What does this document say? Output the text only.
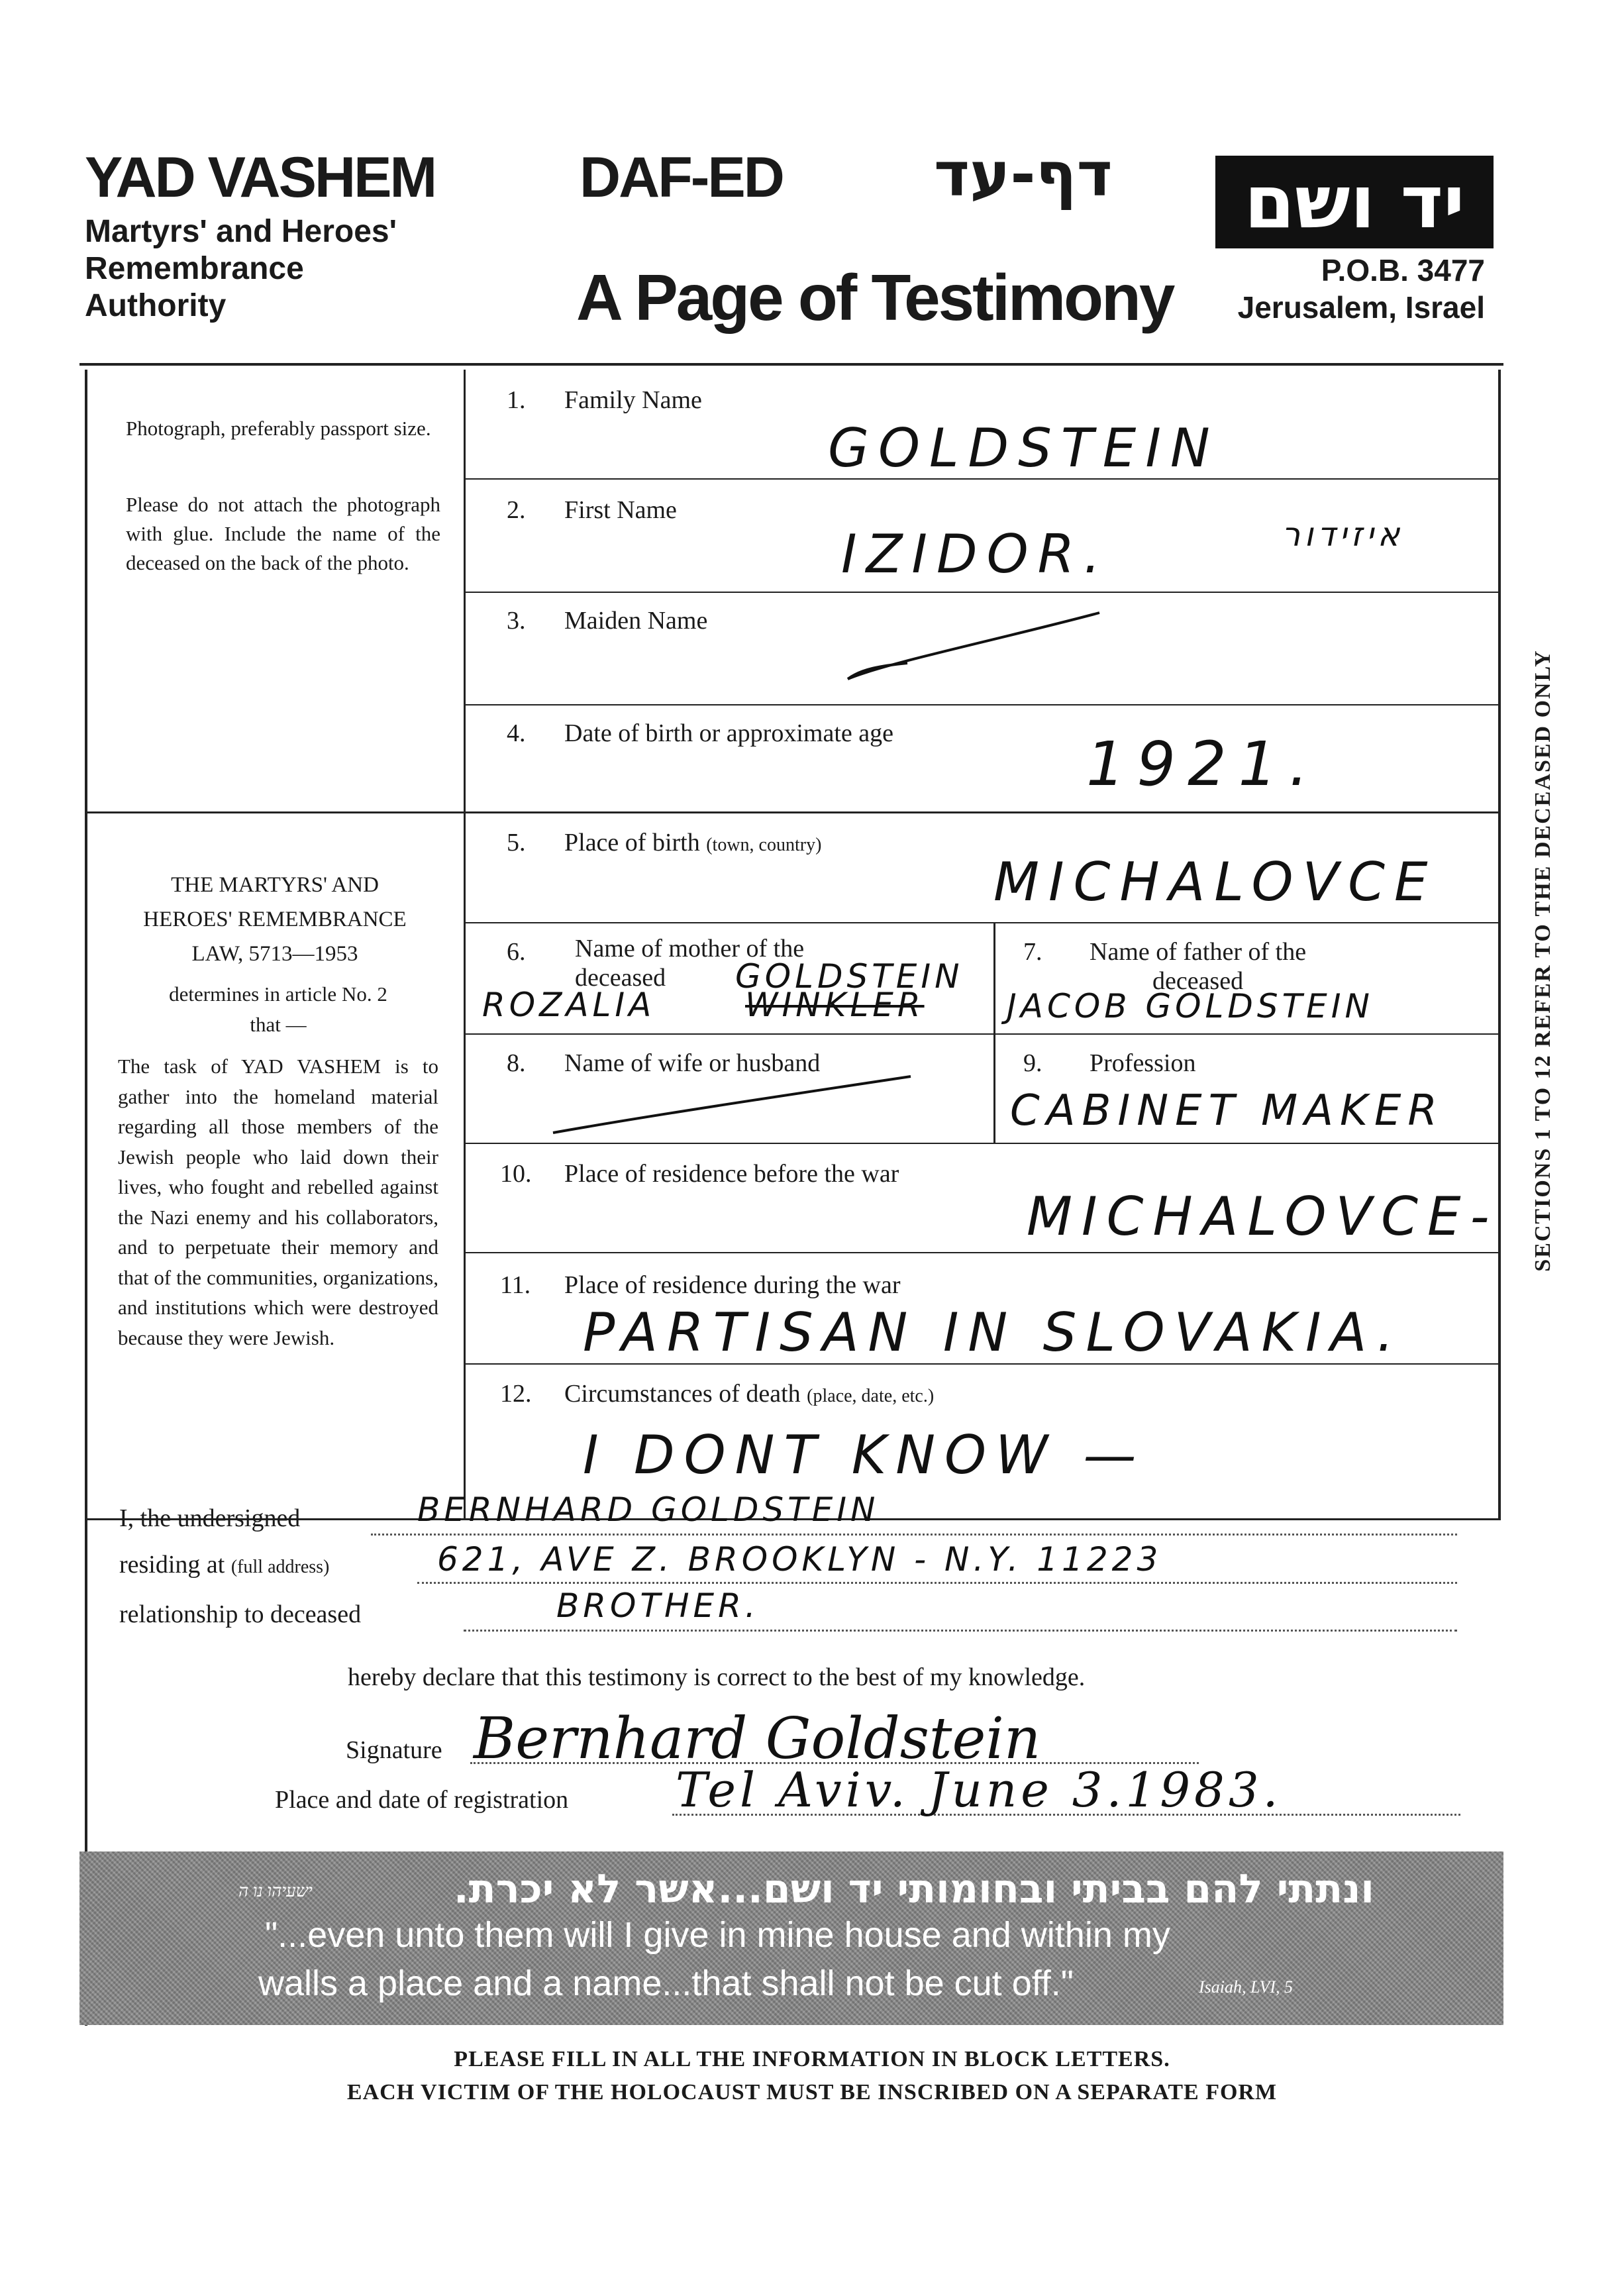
YAD VASHEM
Martyrs' and Heroes'
Remembrance
Authority
DAF-ED דף-עד
A Page of Testimony
יד ושם
P.O.B. 3477
Jerusalem, Israel
Photograph, preferably passport size.
Please do not attach the photograph with glue. Include the name of the deceased on the back of the photo.
THE MARTYRS' AND
HEROES' REMEMBRANCE
LAW, 5713—1953
determines in article No. 2
that —
The task of YAD VASHEM is to gather into the homeland material regarding all those members of the Jewish people who laid down their lives, who fought and rebelled against the Nazi enemy and his collaborators, and to perpetuate their memory and that of the communities, organizations, and institutions which were destroyed because they were Jewish.
1. Family Name
GOLDSTEIN
2. First Name
IZIDOR.	איזידור
3. Maiden Name
4. Date of birth or approximate age	1921.
5. Place of birth (town, country)
MICHALOVCE
6. Name of mother of the
deceased	GOLDSTEIN
ROZALIA	WINKLER
7. Name of father of the
deceased
JACOB GOLDSTEIN
8. Name of wife or husband	9. Profession
CABINET MAKER
10. Place of residence before the war
MICHALOVCE-
11. Place of residence during the war
PARTISAN IN SLOVAKIA.
12. Circumstances of death (place, date, etc.)
I DONT KNOW —
SECTIONS 1 TO 12 REFER TO THE DECEASED ONLY
I, the undersigned	BERNHARD GOLDSTEIN
residing at (full address)	621, AVE Z. BROOKLYN - N.Y. 11223
relationship to deceased	BROTHER.
hereby declare that this testimony is correct to the best of my knowledge.
Signature Bernhard Goldstein
Place and date of registration Tel Aviv. June 3.1983.
ונתתי להם בביתי ובחומותי יד ושם...אשר לא יכרת.
ישעיהו נו ה
"...even unto them will I give in mine house and within my
walls a place and a name...that shall not be cut off."	Isaiah, LVI, 5
PLEASE FILL IN ALL THE INFORMATION IN BLOCK LETTERS.
EACH VICTIM OF THE HOLOCAUST MUST BE INSCRIBED ON A SEPARATE FORM
